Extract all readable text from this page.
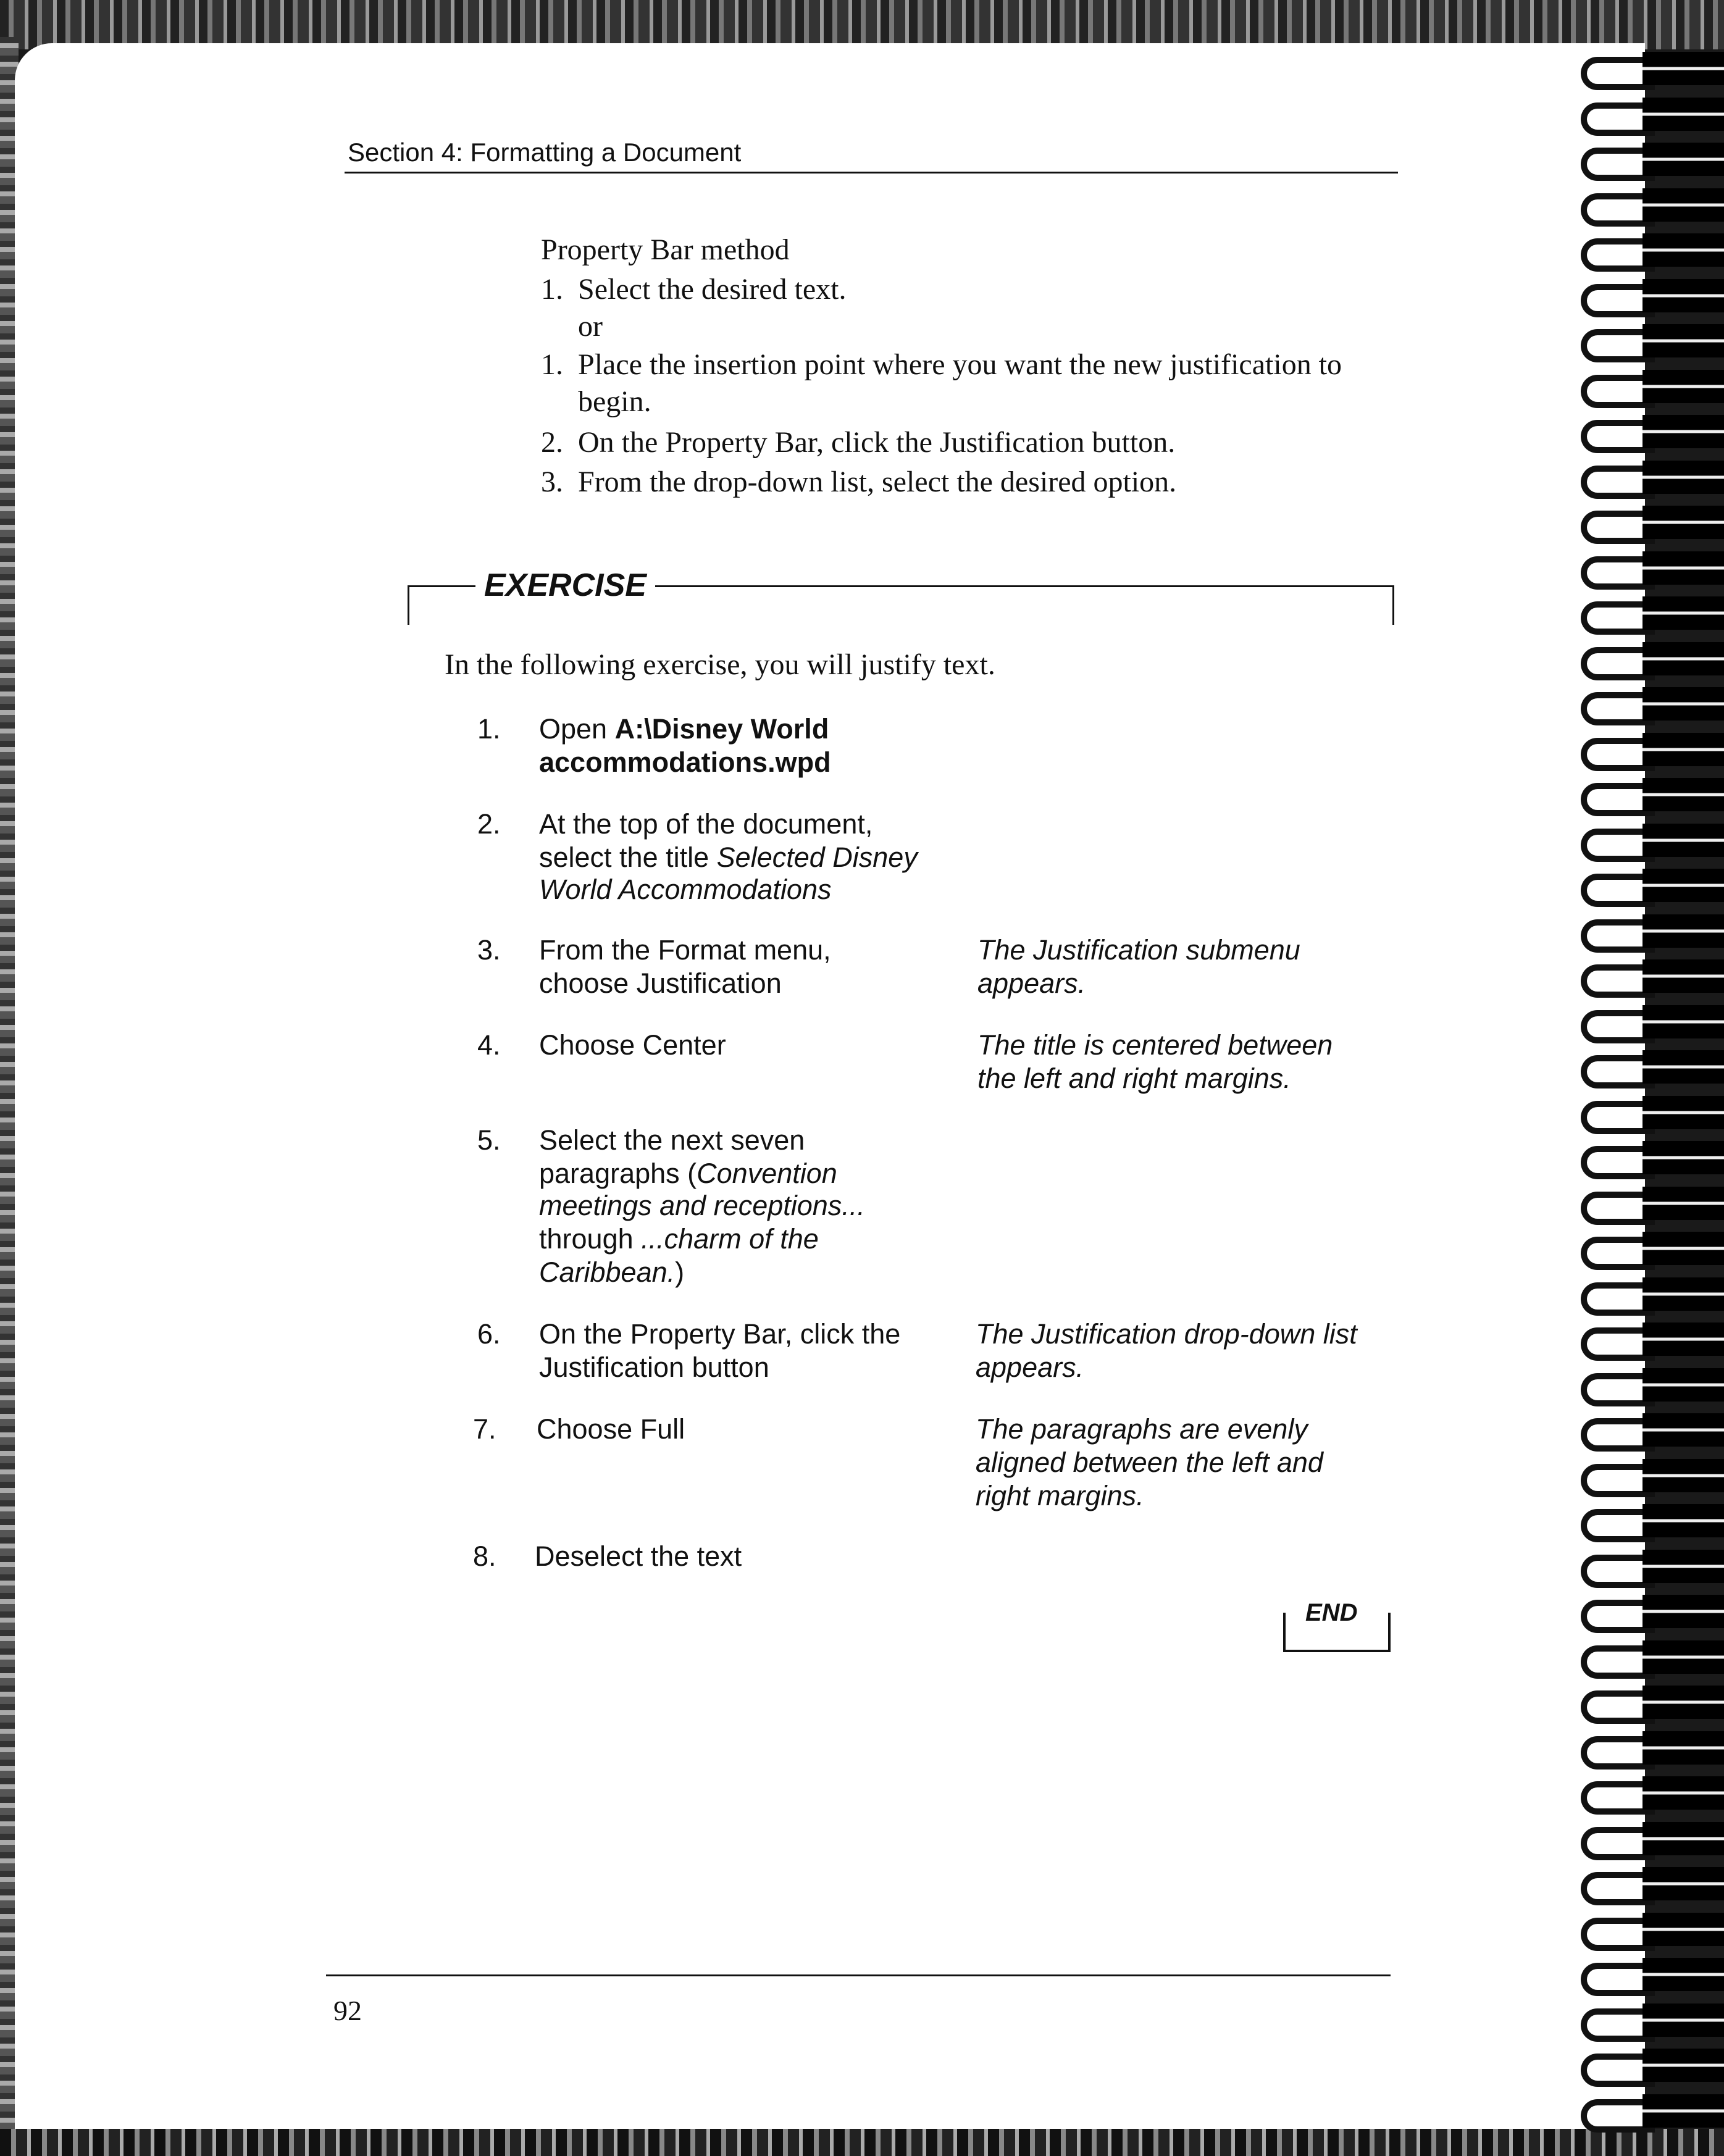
Section 4: Formatting a Document
Property Bar method
1. Select the desired text.
or
1. Place the insertion point where you want the new justification to
begin.
2. On the Property Bar, click the Justification button.
3. From the drop-down list, select the desired option.
EXERCISE
In the following exercise, you will justify text.
1. Open A:\Disney World
accommodations.wpd
2. At the top of the document,
select the title Selected Disney
World Accommodations
3. From the Format menu,
choose Justification
The Justification submenu
appears.
4. Choose Center	The title is centered between
the left and right margins.
5. Select the next seven
paragraphs (Convention
meetings and receptions...
through ...charm of the
Caribbean.)
6. On the Property Bar, click the
Justification button
The Justification drop-down list
appears.
7. Choose Full	The paragraphs are evenly
aligned between the left and
right margins.
8. Deselect the text
END
92
